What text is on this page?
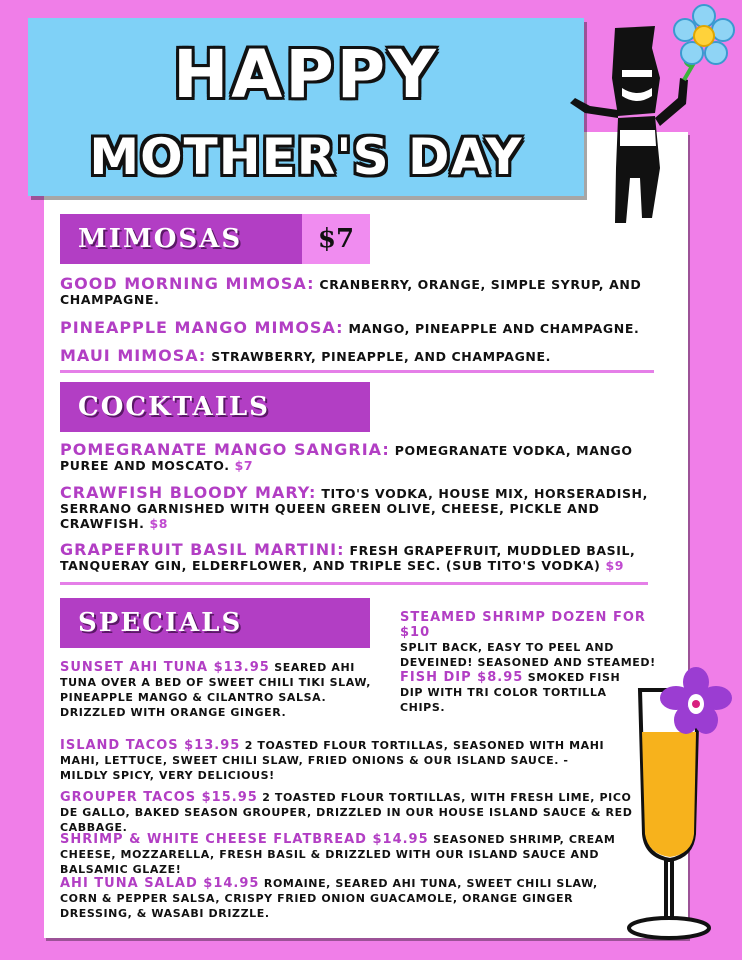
HAPPY
MOTHER'S DAY
MIMOSAS	$7
GOOD MORNING MIMOSA: CRANBERRY, ORANGE, SIMPLE SYRUP, AND CHAMPAGNE.
PINEAPPLE MANGO MIMOSA: MANGO, PINEAPPLE AND CHAMPAGNE.
MAUI MIMOSA: STRAWBERRY, PINEAPPLE, AND CHAMPAGNE.
COCKTAILS
POMEGRANATE MANGO SANGRIA: POMEGRANATE VODKA, MANGO PUREE AND MOSCATO. $7
CRAWFISH BLOODY MARY: TITO'S VODKA, HOUSE MIX, HORSERADISH, SERRANO GARNISHED WITH QUEEN GREEN OLIVE, CHEESE, PICKLE AND CRAWFISH. $8
GRAPEFRUIT BASIL MARTINI: FRESH GRAPEFRUIT, MUDDLED BASIL, TANQUERAY GIN, ELDERFLOWER, AND TRIPLE SEC. (SUB TITO'S VODKA) $9
SPECIALS	STEAMED SHRIMP DOZEN FOR $10
SPLIT BACK, EASY TO PEEL AND DEVEINED! SEASONED AND STEAMED!
SUNSET AHI TUNA $13.95 SEARED AHI TUNA OVER A BED OF SWEET CHILI TIKI SLAW, PINEAPPLE MANGO & CILANTRO SALSA. DRIZZLED WITH ORANGE GINGER.
FISH DIP $8.95 SMOKED FISH DIP WITH TRI COLOR TORTILLA CHIPS.
ISLAND TACOS $13.95 2 TOASTED FLOUR TORTILLAS, SEASONED WITH MAHI MAHI, LETTUCE, SWEET CHILI SLAW, FRIED ONIONS & OUR ISLAND SAUCE. - MILDLY SPICY, VERY DELICIOUS!
GROUPER TACOS $15.95 2 TOASTED FLOUR TORTILLAS, WITH FRESH LIME, PICO DE GALLO, BAKED SEASON GROUPER, DRIZZLED IN OUR HOUSE ISLAND SAUCE & RED CABBAGE.
SHRIMP & WHITE CHEESE FLATBREAD $14.95 SEASONED SHRIMP, CREAM CHEESE, MOZZARELLA, FRESH BASIL & DRIZZLED WITH OUR ISLAND SAUCE AND BALSAMIC GLAZE!
AHI TUNA SALAD $14.95 ROMAINE, SEARED AHI TUNA, SWEET CHILI SLAW, CORN & PEPPER SALSA, CRISPY FRIED ONION GUACAMOLE, ORANGE GINGER DRESSING, & WASABI DRIZZLE.
